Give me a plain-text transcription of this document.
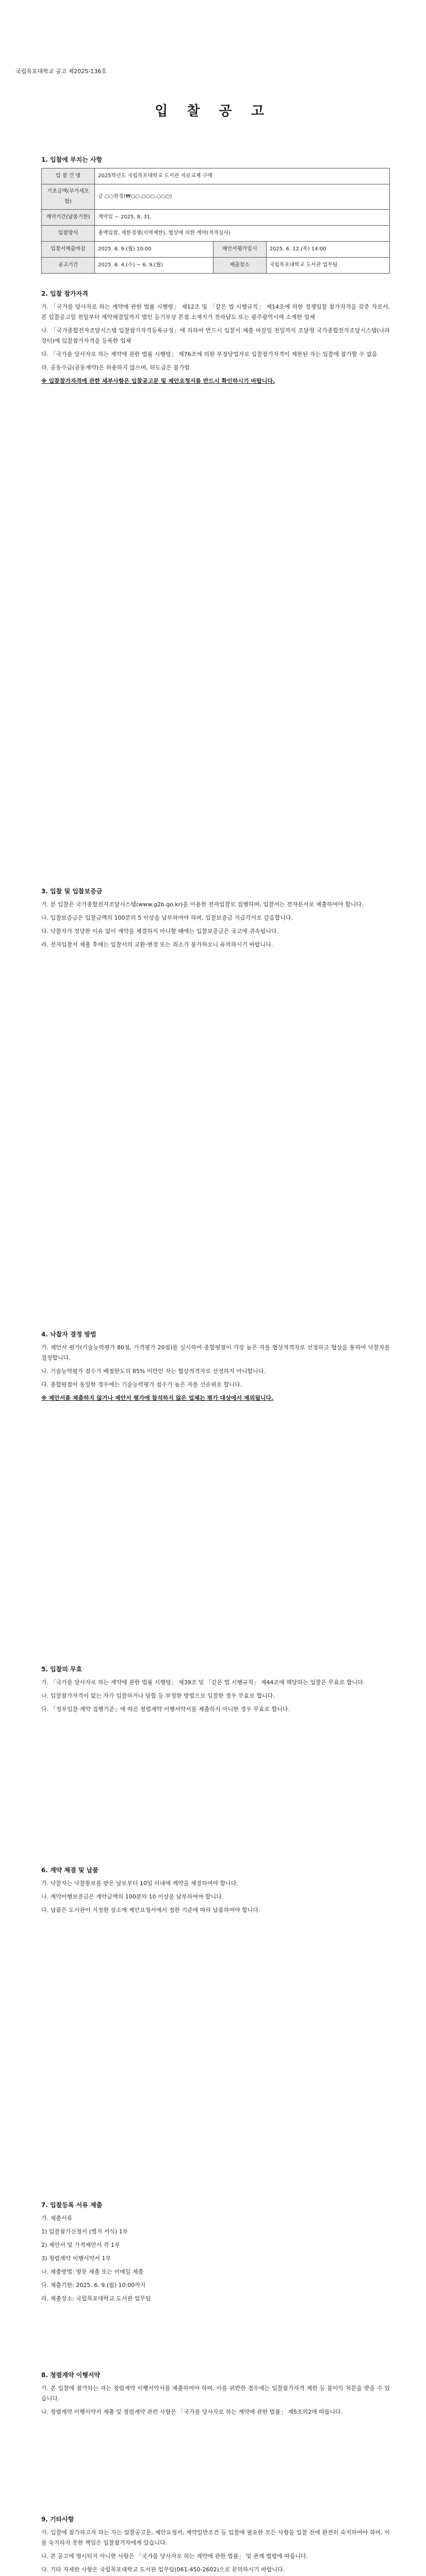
국립목포대학교 공고 제2025-136호
입 찰 공 고
1. 입찰에 부치는 사항
입 찰 건 명	2025학년도 국립목포대학교 도서관 자료교재 구매		
기초금액(부가세포함)	금 ○○원정(₩○○,○○○,○○○)		
계약기간(납품기한)	계약일 ~ 2025. 8. 31.		
입찰방식	총액입찰, 제한경쟁(지역제한), 협상에 의한 계약(적격심사)		
입찰서제출마감	2025. 6. 9.(월) 10:00	제안서평가일시	2025. 6. 12.(목) 14:00
공고기간	2025. 6. 4.(수) ~ 6. 9.(월)	제출장소	국립목포대학교 도서관 업무팀
2. 입찰 참가자격

가. 「국가를 당사자로 하는 계약에 관한 법률 시행령」 제12조 및 「같은 법 시행규칙」 제14조에 의한 경쟁입찰 참가자격을 갖춘 자로서, 본 입찰공고일 전일부터 계약체결일까지 법인 등기부상 본점 소재지가 전라남도 또는 광주광역시에 소재한 업체

나. 「국가종합전자조달시스템 입찰참가자격등록규정」에 의하여 반드시 입찰서 제출 마감일 전일까지 조달청 국가종합전자조달시스템(나라장터)에 입찰참가자격을 등록한 업체

다. 「국가를 당사자로 하는 계약에 관한 법률 시행령」 제76조에 의한 부정당업자로 입찰참가자격이 제한된 자는 입찰에 참가할 수 없음

라. 공동수급(공동계약)은 허용하지 않으며, 하도급은 불가함

※ 입찰참가자격에 관한 세부사항은 입찰공고문 및 제안요청서를 반드시 확인하시기 바랍니다.

3. 입찰 및 입찰보증금

가. 본 입찰은 국가종합전자조달시스템(www.g2b.go.kr)을 이용한 전자입찰로 집행하며, 입찰서는 전자문서로 제출하여야 합니다.

나. 입찰보증금은 입찰금액의 100분의 5 이상을 납부하여야 하며, 입찰보증금 지급각서로 갈음합니다.

다. 낙찰자가 정당한 이유 없이 계약을 체결하지 아니할 때에는 입찰보증금은 국고에 귀속됩니다.

라. 전자입찰서 제출 후에는 입찰서의 교환·변경 또는 취소가 불가하오니 유의하시기 바랍니다.

4. 낙찰자 결정 방법

가. 제안서 평가(기술능력평가 80점, 가격평가 20점)를 실시하여 종합평점이 가장 높은 자를 협상적격자로 선정하고 협상을 통하여 낙찰자를 결정합니다.

나. 기술능력평가 점수가 배점한도의 85% 미만인 자는 협상적격자로 선정하지 아니합니다.

다. 종합평점이 동일한 경우에는 기술능력평가 점수가 높은 자를 선순위로 합니다.

※ 제안서를 제출하지 않거나 제안서 평가에 참석하지 않은 업체는 평가 대상에서 제외됩니다.

5. 입찰의 무효

가. 「국가를 당사자로 하는 계약에 관한 법률 시행령」 제39조 및 「같은 법 시행규칙」 제44조에 해당하는 입찰은 무효로 합니다.

나. 입찰참가자격이 없는 자가 입찰하거나 담합 등 부정한 방법으로 입찰한 경우 무효로 합니다.

다. 「정부입찰·계약 집행기준」에 따른 청렴계약 이행서약서를 제출하지 아니한 경우 무효로 합니다.

6. 계약 체결 및 납품

가. 낙찰자는 낙찰통보를 받은 날로부터 10일 이내에 계약을 체결하여야 합니다.

나. 계약이행보증금은 계약금액의 100분의 10 이상을 납부하여야 합니다.

다. 납품은 도서관이 지정한 장소에 제안요청서에서 정한 기준에 따라 납품하여야 합니다.

7. 입찰등록 서류 제출

가. 제출서류

1) 입찰참가신청서 (별지 서식) 1부

2) 제안서 및 가격제안서 각 1부

3) 청렴계약 이행서약서 1부

나. 제출방법: 방문 제출 또는 이메일 제출

다. 제출기한: 2025. 6. 9.(월) 10:00까지

라. 제출장소: 국립목포대학교 도서관 업무팀

8. 청렴계약 이행서약

가. 본 입찰에 참가하는 자는 청렴계약 이행서약서를 제출하여야 하며, 이를 위반한 경우에는 입찰참가자격 제한 등 불이익 처분을 받을 수 있습니다.

나. 청렴계약 이행서약서 제출 및 청렴계약 관련 사항은 「국가를 당사자로 하는 계약에 관한 법률」 제5조의2에 따릅니다.

9. 기타사항

가. 입찰에 참가하고자 하는 자는 입찰공고문, 제안요청서, 계약일반조건 등 입찰에 필요한 모든 사항을 입찰 전에 완전히 숙지하여야 하며, 이를 숙지하지 못한 책임은 입찰참가자에게 있습니다.

나. 본 공고에 명시되지 아니한 사항은 「국가를 당사자로 하는 계약에 관한 법률」 및 관계 법령에 따릅니다.

다. 기타 자세한 사항은 국립목포대학교 도서관 업무팀(061-450-2602)으로 문의하시기 바랍니다.
